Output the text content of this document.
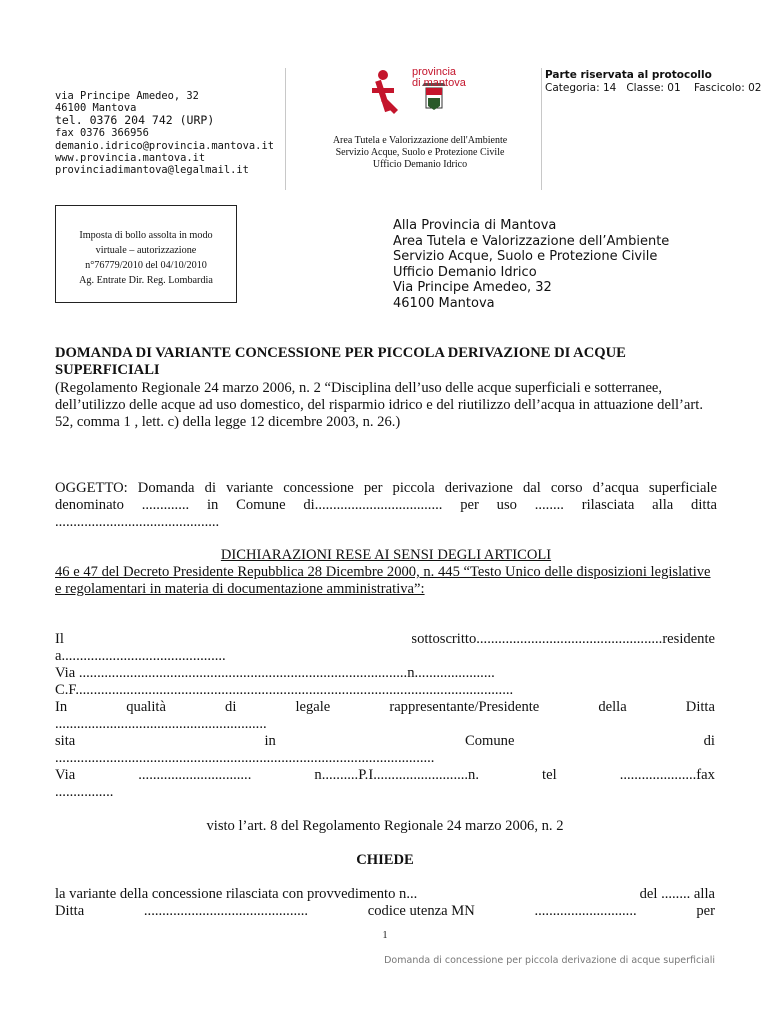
via Principe Amedeo, 32
46100 Mantova
tel. 0376 204 742 (URP)
fax 0376 366956
demanio.idrico@provincia.mantova.it
www.provincia.mantova.it
provinciadimantova@legalmail.it
provincia
di mantova
Area Tutela e Valorizzazione dell'Ambiente
Servizio Acque, Suolo e Protezione Civile
Ufficio Demanio Idrico
Parte riservata al protocollo
Categoria: 14   Classe: 01    Fascicolo: 02
Imposta di bollo assolta in modo
virtuale – autorizzazione
n°76779/2010 del 04/10/2010
Ag. Entrate Dir. Reg. Lombardia
Alla Provincia di Mantova
Area Tutela e Valorizzazione dell’Ambiente
Servizio Acque, Suolo e Protezione Civile
Ufficio Demanio Idrico
Via Principe Amedeo, 32
46100 Mantova
DOMANDA DI VARIANTE CONCESSIONE PER PICCOLA DERIVAZIONE DI ACQUE SUPERFICIALI
(Regolamento Regionale 24 marzo 2006, n. 2 “Disciplina dell’uso delle acque superficiali e sotterranee, dell’utilizzo delle acque ad uso domestico, del risparmio idrico e del riutilizzo dell’acqua in attuazione dell’art. 52, comma 1 , lett. c) della legge 12 dicembre 2003, n. 26.)
OGGETTO: Domanda di variante concessione per piccola derivazione dal corso d’acqua superficiale denominato ............. in Comune di................................... per uso ........ rilasciata alla ditta .............................................
DICHIARAZIONI RESE AI SENSI DEGLI ARTICOLI
46 e 47 del Decreto Presidente Repubblica 28 Dicembre 2000, n. 445 “Testo Unico delle disposizioni legislative e regolamentari in materia di documentazione amministrativa”:
Il	sottoscritto...................................................residente
a.............................................
Via ..........................................................................................n......................
C.F........................................................................................................................
In	qualità	di	legale	rappresentante/Presidente	della	Ditta
..........................................................
sita	in	Comune	di
........................................................................................................
Via	...............................	n..........P.I..........................n.	tel	.....................fax
................
visto l’art. 8 del Regolamento Regionale 24 marzo 2006, n. 2
CHIEDE
la variante della concessione rilasciata con provvedimento n...	del ........ alla
Ditta	.............................................	codice utenza MN	............................	per
1
Domanda di concessione per piccola derivazione di acque superficiali
